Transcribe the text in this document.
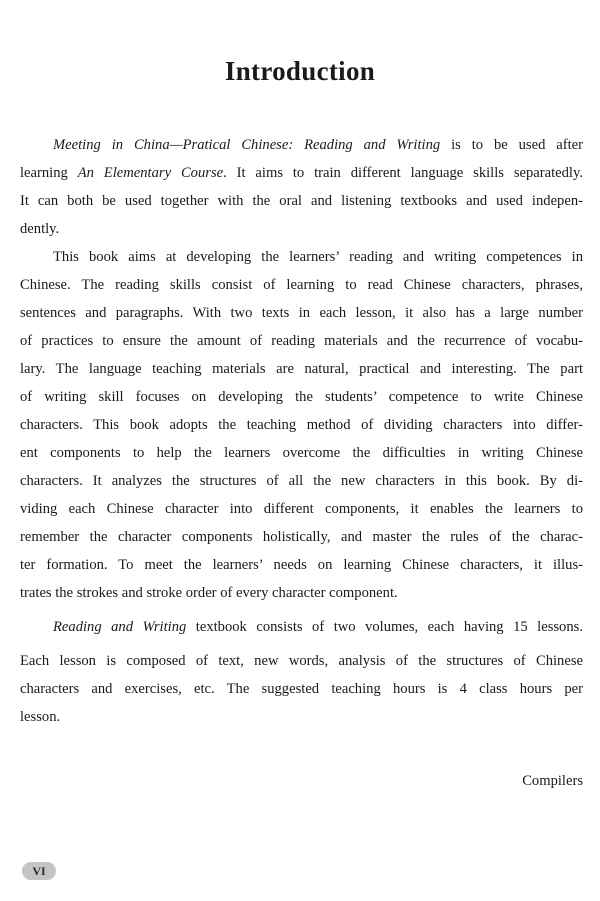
Introduction
Meeting in China—Pratical Chinese: Reading and Writing is to be used after
learning An Elementary Course. It aims to train different language skills separatedly.
It can both be used together with the oral and listening textbooks and used indepen-
dently.
This book aims at developing the learners’ reading and writing competences in
Chinese. The reading skills consist of learning to read Chinese characters, phrases,
sentences and paragraphs. With two texts in each lesson, it also has a large number
of practices to ensure the amount of reading materials and the recurrence of vocabu-
lary. The language teaching materials are natural, practical and interesting. The part
of writing skill focuses on developing the students’ competence to write Chinese
characters. This book adopts the teaching method of dividing characters into differ-
ent components to help the learners overcome the difficulties in writing Chinese
characters. It analyzes the structures of all the new characters in this book. By di-
viding each Chinese character into different components, it enables the learners to
remember the character components holistically, and master the rules of the charac-
ter formation. To meet the learners’ needs on learning Chinese characters, it illus-
trates the strokes and stroke order of every character component.
Reading and Writing textbook consists of two volumes, each having 15 lessons.
Each lesson is composed of text, new words, analysis of the structures of Chinese
characters and exercises, etc. The suggested teaching hours is 4 class hours per
lesson.
Compilers
VI
